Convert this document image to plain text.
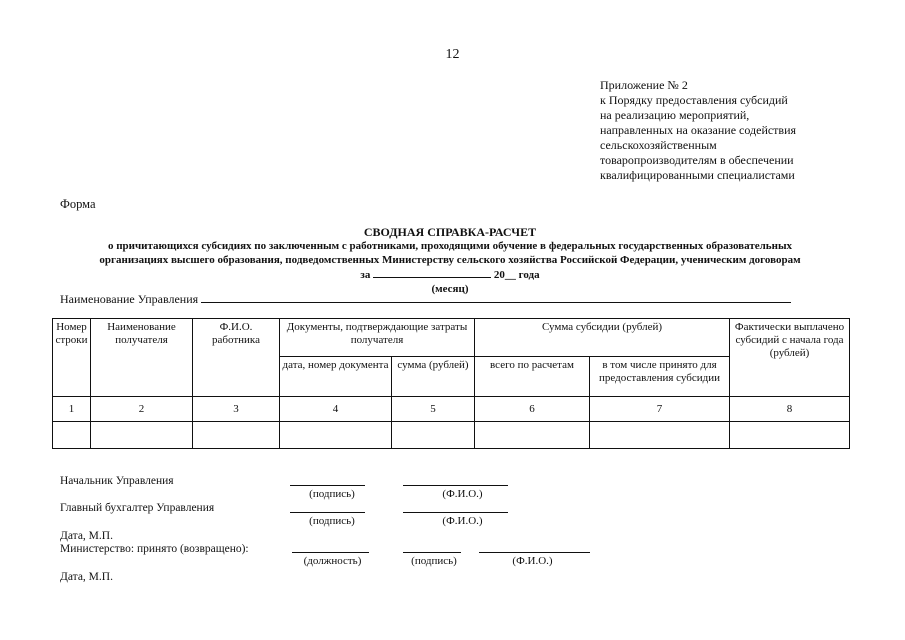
12
Приложение № 2
к Порядку предоставления субсидий
на реализацию мероприятий,
направленных на оказание содействия
сельскохозяйственным
товаропроизводителям в обеспечении
квалифицированными специалистами
Форма
СВОДНАЯ СПРАВКА-РАСЧЕТ
о причитающихся субсидиях по заключенным с работниками, проходящими обучение в федеральных государственных образовательных
организациях высшего образования, подведомственных Министерству сельского хозяйства Российской Федерации, ученическим договорам
за	20__ года
(месяц)
Наименование Управления
Номер строки	Наименование получателя	Ф.И.О. работника	Документы, подтверждающие затраты получателя		Сумма субсидии (рублей)		Фактически выплачено субсидий с начала года (рублей)
			дата, номер документа	сумма (рублей)	всего по расчетам	в том числе принято для предоставления субсидии	
1	2	3	4	5	6	7	8

Начальник Управления
(подпись)	(Ф.И.О.)
Главный бухгалтер Управления
(подпись)	(Ф.И.О.)
Дата, М.П.
Министерство: принято (возвращено):
(должность)	(подпись)	(Ф.И.О.)
Дата, М.П.
